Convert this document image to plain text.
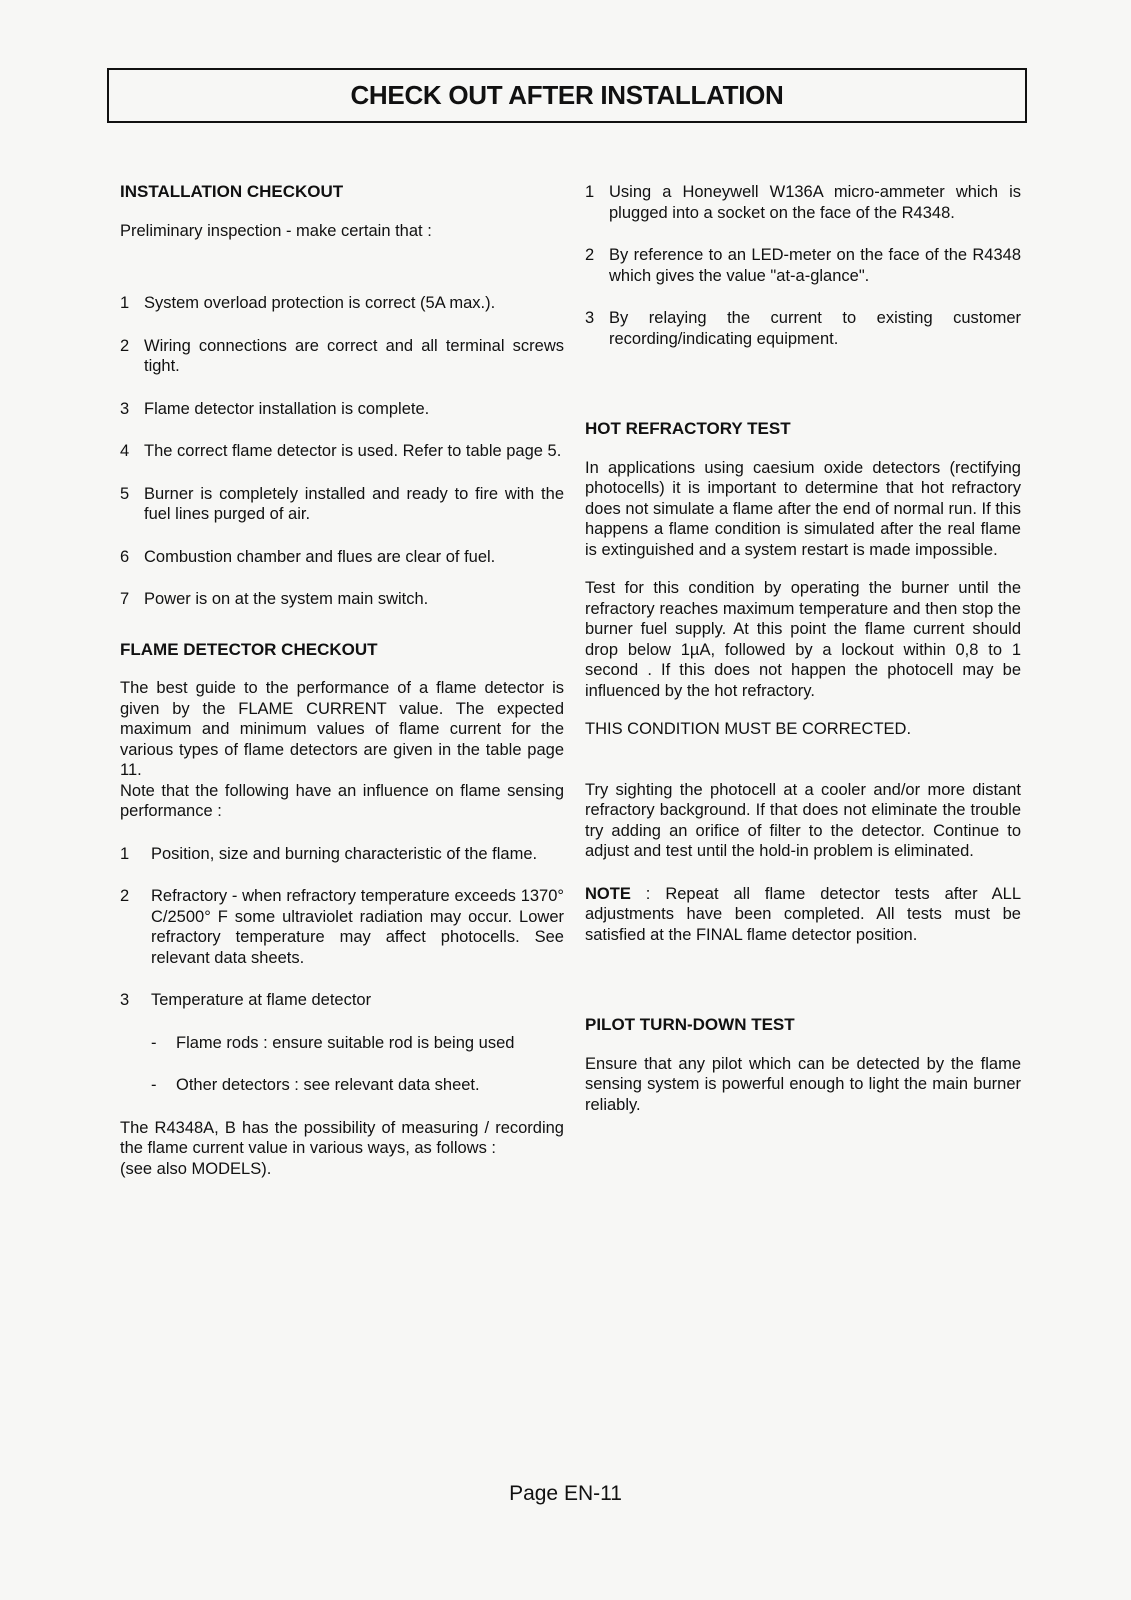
CHECK OUT AFTER INSTALLATION

INSTALLATION CHECKOUT

Preliminary inspection - make certain that :

1 System overload protection is correct (5A max.).
2 Wiring connections are correct and all terminal screws tight.
3 Flame detector installation is complete.
4 The correct flame detector is used. Refer to table page 5.
5 Burner is completely installed and ready to fire with the fuel lines purged of air.
6 Combustion chamber and flues are clear of fuel.
7 Power is on at the system main switch.

FLAME DETECTOR CHECKOUT

The best guide to the performance of a flame detector is given by the FLAME CURRENT value. The expected maximum and minimum values of flame current for the various types of flame detectors are given in the table page 11.

Note that the following have an influence on flame sensing performance :

1	Position, size and burning characteristic of the flame.
2	Refractory - when refractory temperature exceeds 1370° C/2500° F some ultraviolet radiation may occur. Lower refractory temperature may affect photocells. See relevant data sheets.
3	Temperature at flame detector
-	Flame rods : ensure suitable rod is being used
-	Other detectors : see relevant data sheet.

The R4348A, B has the possibility of measuring / recording the flame current value in various ways, as follows :

(see also MODELS).

1 Using a Honeywell W136A micro-ammeter which is plugged into a socket on the face of the R4348.
2 By reference to an LED-meter on the face of the R4348 which gives the value "at-a-glance".
3 By relaying the current to existing customer recording/indicating equipment.

HOT REFRACTORY TEST

In applications using caesium oxide detectors (rectifying photocells) it is important to determine that hot refractory does not simulate a flame after the end of normal run. If this happens a flame condition is simulated after the real flame is extinguished and a system restart is made impossible.

Test for this condition by operating the burner until the refractory reaches maximum temperature and then stop the burner fuel supply. At this point the flame current should drop below 1µA, followed by a lockout within 0,8 to 1 second . If this does not happen the photocell may be influenced by the hot refractory.

THIS CONDITION MUST BE CORRECTED.

Try sighting the photocell at a cooler and/or more distant refractory background. If that does not eliminate the trouble try adding an orifice of filter to the detector. Continue to adjust and test until the hold-in problem is eliminated.

NOTE : Repeat all flame detector tests after ALL adjustments have been completed. All tests must be satisfied at the FINAL flame detector position.

PILOT TURN-DOWN TEST

Ensure that any pilot which can be detected by the flame sensing system is powerful enough to light the main burner reliably.

Page EN-11
